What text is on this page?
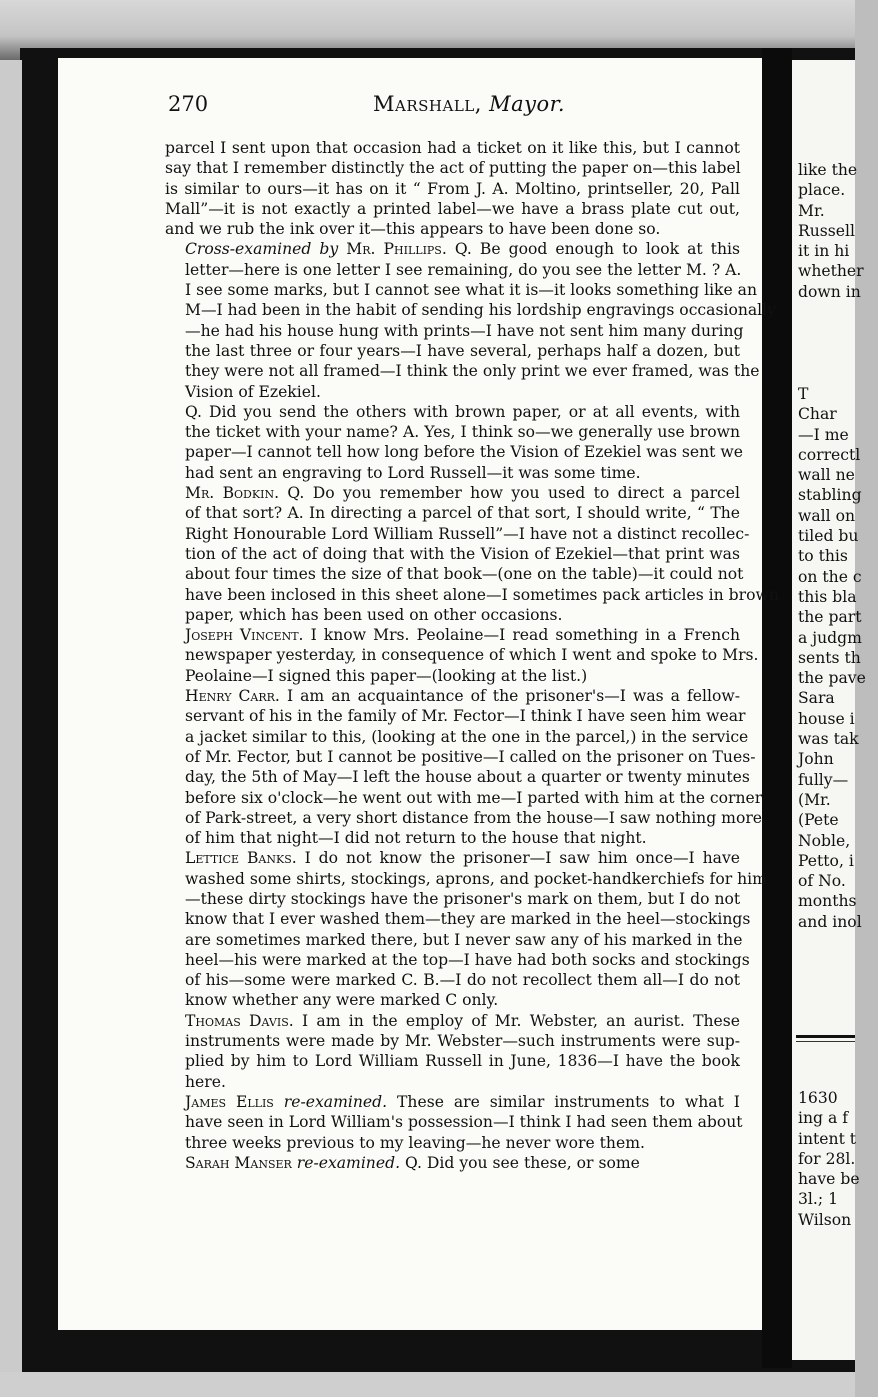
270	Marshall, Mayor.
parcel I sent upon that occasion had a ticket on it like this, but I cannot
say that I remember distinctly the act of putting the paper on—this label
is similar to ours—it has on it “ From J. A. Moltino, printseller, 20, Pall
Mall”—it is not exactly a printed label—we have a brass plate cut out,
and we rub the ink over it—this appears to have been done so.
Cross-examined by Mr. Phillips. Q. Be good enough to look at this
letter—here is one letter I see remaining, do you see the letter M. ? A.
I see some marks, but I cannot see what it is—it looks something like an
M—I had been in the habit of sending his lordship engravings occasionally
—he had his house hung with prints—I have not sent him many during
the last three or four years—I have several, perhaps half a dozen, but
they were not all framed—I think the only print we ever framed, was the
Vision of Ezekiel.
Q. Did you send the others with brown paper, or at all events, with
the ticket with your name? A. Yes, I think so—we generally use brown
paper—I cannot tell how long before the Vision of Ezekiel was sent we
had sent an engraving to Lord Russell—it was some time.
Mr. Bodkin. Q. Do you remember how you used to direct a parcel
of that sort? A. In directing a parcel of that sort, I should write, “ The
Right Honourable Lord William Russell”—I have not a distinct recollec-
tion of the act of doing that with the Vision of Ezekiel—that print was
about four times the size of that book—(one on the table)—it could not
have been inclosed in this sheet alone—I sometimes pack articles in brown
paper, which has been used on other occasions.
Joseph Vincent. I know Mrs. Peolaine—I read something in a French
newspaper yesterday, in consequence of which I went and spoke to Mrs.
Peolaine—I signed this paper—(looking at the list.)
Henry Carr. I am an acquaintance of the prisoner's—I was a fellow-
servant of his in the family of Mr. Fector—I think I have seen him wear
a jacket similar to this, (looking at the one in the parcel,) in the service
of Mr. Fector, but I cannot be positive—I called on the prisoner on Tues-
day, the 5th of May—I left the house about a quarter or twenty minutes
before six o'clock—he went out with me—I parted with him at the corner
of Park-street, a very short distance from the house—I saw nothing more
of him that night—I did not return to the house that night.
Lettice Banks. I do not know the prisoner—I saw him once—I have
washed some shirts, stockings, aprons, and pocket-handkerchiefs for him
—these dirty stockings have the prisoner's mark on them, but I do not
know that I ever washed them—they are marked in the heel—stockings
are sometimes marked there, but I never saw any of his marked in the
heel—his were marked at the top—I have had both socks and stockings
of his—some were marked C. B.—I do not recollect them all—I do not
know whether any were marked C only.
Thomas Davis. I am in the employ of Mr. Webster, an aurist. These
instruments were made by Mr. Webster—such instruments were sup-
plied by him to Lord William Russell in June, 1836—I have the book
here.
James Ellis re-examined. These are similar instruments to what I
have seen in Lord William's possession—I think I had seen them about
three weeks previous to my leaving—he never wore them.
Sarah Manser re-examined. Q. Did you see these, or some
like the
place.
Mr.
Russell
it in hi
whether
down in
T
Char
—I me
correctl
wall ne
stabling
wall on
tiled bu
to this
on the c
this bla
the part
a judgm
sents th
the pave
Sara
house i
was tak
John
fully—
(Mr.
(Pete
Noble,
Petto, i
of No.
months
and inol
1630
ing a f
intent t
for 28l.
have be
3l.; 1
Wilson
